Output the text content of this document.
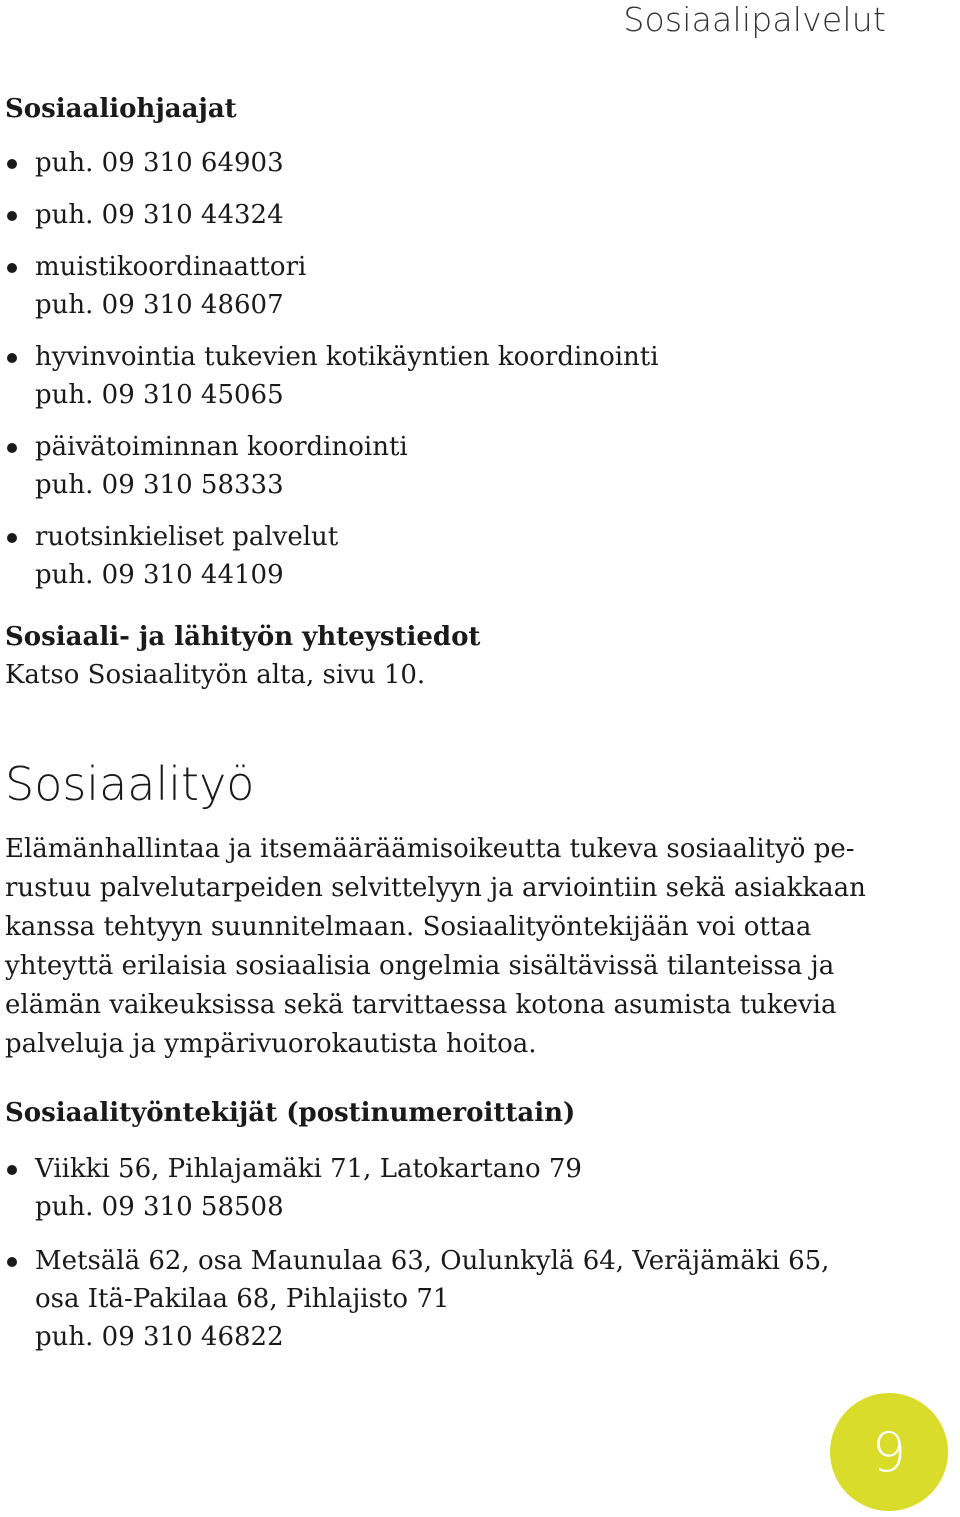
Sosiaalipalvelut
Sosiaaliohjaajat
puh. 09 310 64903
puh. 09 310 44324
muistikoordinaattori
puh. 09 310 48607
hyvinvointia tukevien kotikäyntien koordinointi
puh. 09 310 45065
päivätoiminnan koordinointi
puh. 09 310 58333
ruotsinkieliset palvelut
puh. 09 310 44109
Sosiaali- ja lähityön yhteystiedot

Katso Sosiaalityön alta, sivu 10.

Sosiaalityö

Elämänhallintaa ja itsemääräämisoikeutta tukeva sosiaalityö pe-
rustuu palvelutarpeiden selvittelyyn ja arviointiin sekä asiakkaan
kanssa tehtyyn suunnitelmaan. Sosiaalityöntekijään voi ottaa
yhteyttä erilaisia sosiaalisia ongelmia sisältävissä tilanteissa ja
elämän vaikeuksissa sekä tarvittaessa kotona asumista tukevia
palveluja ja ympärivuorokautista hoitoa.

Sosiaalityöntekijät (postinumeroittain)
Viikki 56, Pihlajamäki 71, Latokartano 79
puh. 09 310 58508
Metsälä 62, osa Maunulaa 63, Oulunkylä 64, Veräjämäki 65,
osa Itä-Pakilaa 68, Pihlajisto 71
puh. 09 310 46822
9
